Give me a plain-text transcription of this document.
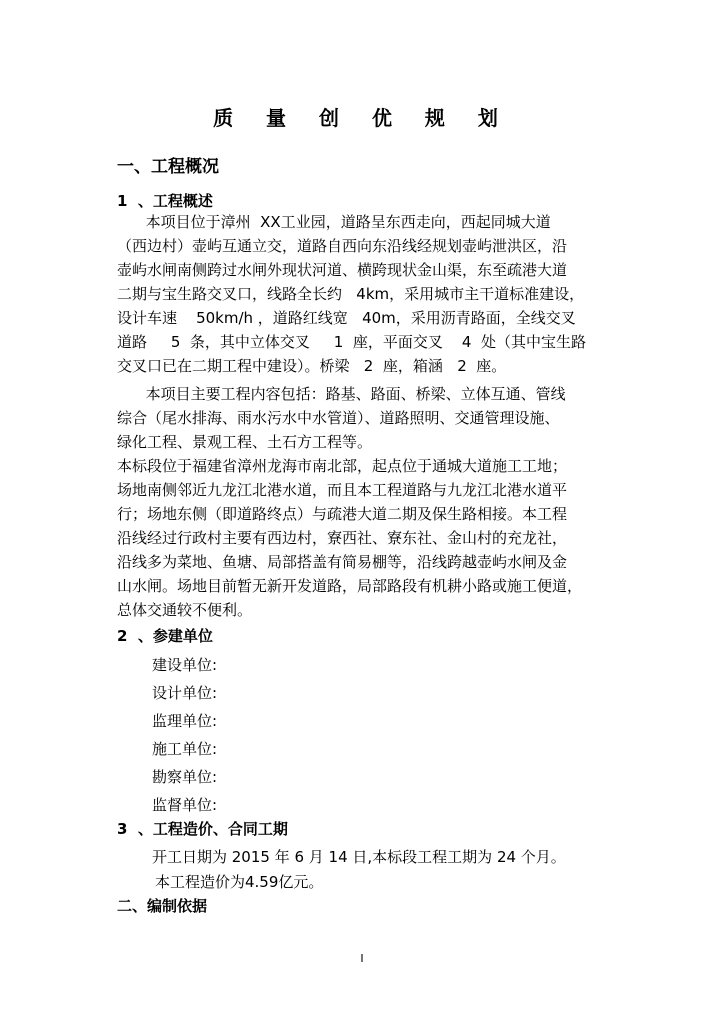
质 量 创 优 规 划
一、工程概况
1  、工程概述
本项目位于漳州  XX工业园，道路呈东西走向，西起同城大道
（西边村）壶屿互通立交，道路自西向东沿线经规划壶屿泄洪区，沿
壶屿水闸南侧跨过水闸外现状河道、横跨现状金山渠，东至疏港大道
二期与宝生路交叉口，线路全长约   4km，采用城市主干道标准建设，
设计车速    50km/h ，道路红线宽   40m，采用沥青路面，全线交叉
道路     5  条，其中立体交叉     1  座，平面交叉    4  处（其中宝生路
交叉口已在二期工程中建设）。桥梁   2  座，箱涵   2  座。
本项目主要工程内容包括：路基、路面、桥梁、立体互通、管线
综合（尾水排海、雨水污水中水管道）、道路照明、交通管理设施、
绿化工程、景观工程、土石方工程等。
本标段位于福建省漳州龙海市南北部，起点位于通城大道施工工地；
场地南侧邻近九龙江北港水道，而且本工程道路与九龙江北港水道平
行；场地东侧（即道路终点）与疏港大道二期及保生路相接。本工程
沿线经过行政村主要有西边村，寮西社、寮东社、金山村的充龙社，
沿线多为菜地、鱼塘、局部搭盖有简易棚等，沿线跨越壶屿水闸及金
山水闸。场地目前暂无新开发道路，局部路段有机耕小路或施工便道，
总体交通较不便利。
2  、参建单位
建设单位:
设计单位:
监理单位:
施工单位:
勘察单位:
监督单位:
3  、工程造价、合同工期
开工日期为 2015 年 6 月 14 日,本标段工程工期为 24 个月。
本工程造价为4.59亿元。
二、编制依据
I
